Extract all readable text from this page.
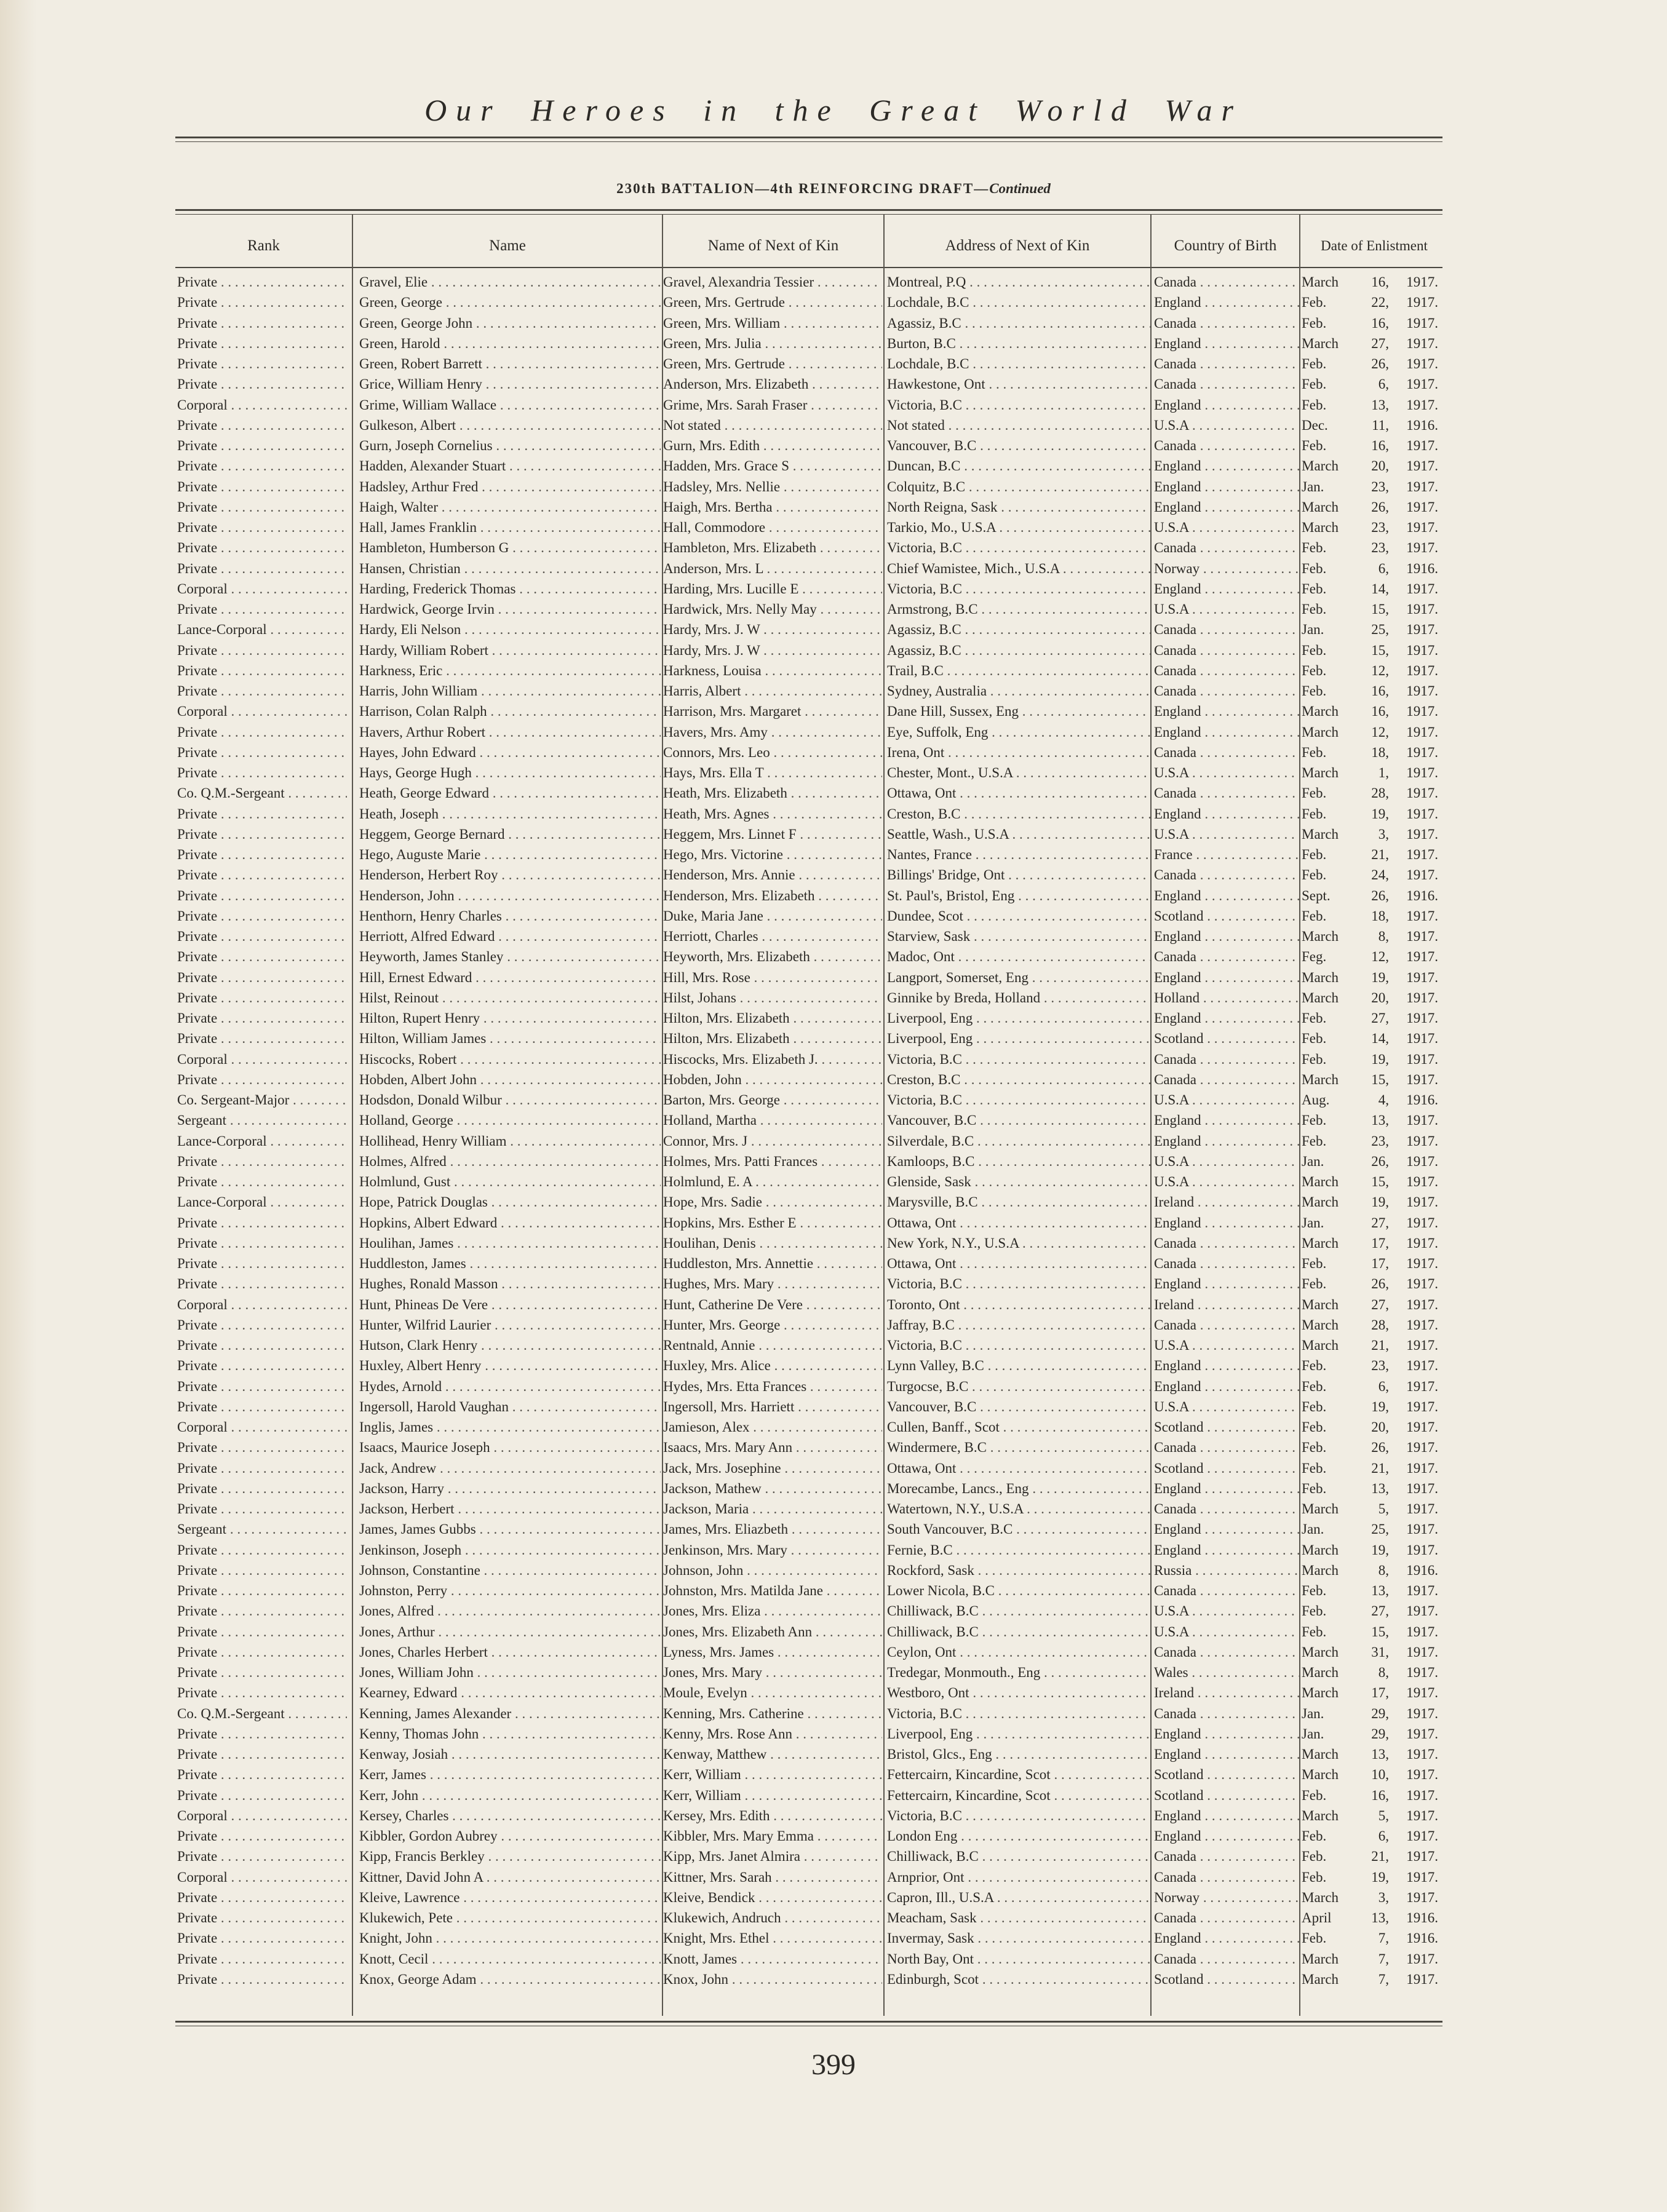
Our Heroes in the Great World War
230th BATTALION—4th REINFORCING DRAFT—Continued
Rank	Name	Name of Next of Kin	Address of Next of Kin	Country of Birth	Date of Enlistment
Private . . .	Gravel, Elie . . .	Gravel, Alexandria Tessier . . .	Montreal, P.Q . . .	Canada . . .	March 16, 1917.
Private . . .	Green, George . . .	Green, Mrs. Gertrude . . .	Lochdale, B.C . . .	England . . .	Feb.	22, 1917.
Private . . .	Green, George John . . .	Green, Mrs. William . . .	Agassiz, B.C . . .	Canada . . .	Feb.	16, 1917.
Private . . .	Green, Harold . . .	Green, Mrs. Julia . . .	Burton, B.C . . .	England . . .	March 27, 1917.
Private . . .	Green, Robert Barrett . . .	Green, Mrs. Gertrude . . .	Lochdale, B.C . . .	Canada . . .	Feb.	26, 1917.
Private . . .	Grice, William Henry . . .	Anderson, Mrs. Elizabeth . . .	Hawkestone, Ont . . .	Canada . . .	Feb.	6, 1917.
Corporal . . .	Grime, William Wallace . . .	Grime, Mrs. Sarah Fraser . . .	Victoria, B.C . . .	England . . .	Feb.	13, 1917.
Private . . .	Gulkeson, Albert . . .	Not stated . . .	Not stated . . .	U.S.A . . .	Dec.	11, 1916.
Private . . .	Gurn, Joseph Cornelius . . .	Gurn, Mrs. Edith . . .	Vancouver, B.C . . .	Canada . . .	Feb.	16, 1917.
Private . . .	Hadden, Alexander Stuart . . .	Hadden, Mrs. Grace S . . .	Duncan, B.C . . .	England . . .	March 20, 1917.
Private . . .	Hadsley, Arthur Fred . . .	Hadsley, Mrs. Nellie . . .	Colquitz, B.C . . .	England . . .	Jan.	23, 1917.
Private . . .	Haigh, Walter . . .	Haigh, Mrs. Bertha . . .	North Reigna, Sask . . .	England . . .	March 26, 1917.
Private . . .	Hall, James Franklin . . .	Hall, Commodore . . .	Tarkio, Mo., U.S.A . . .	U.S.A . . .	March 23, 1917.
Private . . .	Hambleton, Humberson G . . .	Hambleton, Mrs. Elizabeth . . .	Victoria, B.C . . .	Canada . . .	Feb.	23, 1917.
Private . . .	Hansen, Christian . . .	Anderson, Mrs. L . . .	Chief Wamistee, Mich., U.S.A . . .	Norway . . .	Feb.	6, 1916.
Corporal . . .	Harding, Frederick Thomas . . .	Harding, Mrs. Lucille E . . .	Victoria, B.C . . .	England . . .	Feb.	14, 1917.
Private . . .	Hardwick, George Irvin . . .	Hardwick, Mrs. Nelly May . . .	Armstrong, B.C . . .	U.S.A . . .	Feb.	15, 1917.
Lance-Corporal . . .	Hardy, Eli Nelson . . .	Hardy, Mrs. J. W . . .	Agassiz, B.C . . .	Canada . . .	Jan.	25, 1917.
Private . . .	Hardy, William Robert . . .	Hardy, Mrs. J. W . . .	Agassiz, B.C . . .	Canada . . .	Feb.	15, 1917.
Private . . .	Harkness, Eric . . .	Harkness, Louisa . . .	Trail, B.C . . .	Canada . . .	Feb.	12, 1917.
Private . . .	Harris, John William . . .	Harris, Albert . . .	Sydney, Australia . . .	Canada . . .	Feb.	16, 1917.
Corporal . . .	Harrison, Colan Ralph . . .	Harrison, Mrs. Margaret . . .	Dane Hill, Sussex, Eng . . .	England . . .	March 16, 1917.
Private . . .	Havers, Arthur Robert . . .	Havers, Mrs. Amy . . .	Eye, Suffolk, Eng . . .	England . . .	March 12, 1917.
Private . . .	Hayes, John Edward . . .	Connors, Mrs. Leo . . .	Irena, Ont . . .	Canada . . .	Feb.	18, 1917.
Private . . .	Hays, George Hugh . . .	Hays, Mrs. Ella T . . .	Chester, Mont., U.S.A . . .	U.S.A . . .	March	1, 1917.
Co. Q.M.-Sergeant . . .	Heath, George Edward . . .	Heath, Mrs. Elizabeth . . .	Ottawa, Ont . . .	Canada . . .	Feb.	28, 1917.
Private . . .	Heath, Joseph . . .	Heath, Mrs. Agnes . . .	Creston, B.C . . .	England . . .	Feb.	19, 1917.
Private . . .	Heggem, George Bernard . . .	Heggem, Mrs. Linnet F . . .	Seattle, Wash., U.S.A . . .	U.S.A . . .	March	3, 1917.
Private . . .	Hego, Auguste Marie . . .	Hego, Mrs. Victorine . . .	Nantes, France . . .	France . . .	Feb.	21, 1917.
Private . . .	Henderson, Herbert Roy . . .	Henderson, Mrs. Annie . . .	Billings' Bridge, Ont . . .	Canada . . .	Feb.	24, 1917.
Private . . .	Henderson, John . . .	Henderson, Mrs. Elizabeth . . .	St. Paul's, Bristol, Eng . . .	England . . .	Sept.	26, 1916.
Private . . .	Henthorn, Henry Charles . . .	Duke, Maria Jane . . .	Dundee, Scot . . .	Scotland . . .	Feb.	18, 1917.
Private . . .	Herriott, Alfred Edward . . .	Herriott, Charles . . .	Starview, Sask . . .	England . . .	March	8, 1917.
Private . . .	Heyworth, James Stanley . . .	Heyworth, Mrs. Elizabeth . . .	Madoc, Ont . . .	Canada . . .	Feg.	12, 1917.
Private . . .	Hill, Ernest Edward . . .	Hill, Mrs. Rose . . .	Langport, Somerset, Eng . . .	England . . .	March 19, 1917.
Private . . .	Hilst, Reinout . . .	Hilst, Johans . . .	Ginnike by Breda, Holland . . .	Holland . . .	March 20, 1917.
Private . . .	Hilton, Rupert Henry . . .	Hilton, Mrs. Elizabeth . . .	Liverpool, Eng . . .	England . . .	Feb.	27, 1917.
Private . . .	Hilton, William James . . .	Hilton, Mrs. Elizabeth . . .	Liverpool, Eng . . .	Scotland . . .	Feb.	14, 1917.
Corporal . . .	Hiscocks, Robert . . .	Hiscocks, Mrs. Elizabeth J. . . .	Victoria, B.C . . .	Canada . . .	Feb.	19, 1917.
Private . . .	Hobden, Albert John . . .	Hobden, John . . .	Creston, B.C . . .	Canada . . .	March 15, 1917.
Co. Sergeant-Major . . .	Hodsdon, Donald Wilbur . . .	Barton, Mrs. George . . .	Victoria, B.C . . .	U.S.A . . .	Aug.	4, 1916.
Sergeant . . .	Holland, George . . .	Holland, Martha . . .	Vancouver, B.C . . .	England . . .	Feb.	13, 1917.
Lance-Corporal . . .	Hollihead, Henry William . . .	Connor, Mrs. J . . .	Silverdale, B.C . . .	England . . .	Feb.	23, 1917.
Private . . .	Holmes, Alfred . . .	Holmes, Mrs. Patti Frances . . .	Kamloops, B.C . . .	U.S.A . . .	Jan.	26, 1917.
Private . . .	Holmlund, Gust . . .	Holmlund, E. A . . .	Glenside, Sask . . .	U.S.A . . .	March 15, 1917.
Lance-Corporal . . .	Hope, Patrick Douglas . . .	Hope, Mrs. Sadie . . .	Marysville, B.C . . .	Ireland . . .	March 19, 1917.
Private . . .	Hopkins, Albert Edward . . .	Hopkins, Mrs. Esther E . . .	Ottawa, Ont . . .	England . . .	Jan.	27, 1917.
Private . . .	Houlihan, James . . .	Houlihan, Denis . . .	New York, N.Y., U.S.A . . .	Canada . . .	March 17, 1917.
Private . . .	Huddleston, James . . .	Huddleston, Mrs. Annettie . . .	Ottawa, Ont . . .	Canada . . .	Feb.	17, 1917.
Private . . .	Hughes, Ronald Masson . . .	Hughes, Mrs. Mary . . .	Victoria, B.C . . .	England . . .	Feb.	26, 1917.
Corporal . . .	Hunt, Phineas De Vere . . .	Hunt, Catherine De Vere . . .	Toronto, Ont . . .	Ireland . . .	March 27, 1917.
Private . . .	Hunter, Wilfrid Laurier . . .	Hunter, Mrs. George . . .	Jaffray, B.C . . .	Canada . . .	March 28, 1917.
Private . . .	Hutson, Clark Henry . . .	Rentnald, Annie . . .	Victoria, B.C . . .	U.S.A . . .	March 21, 1917.
Private . . .	Huxley, Albert Henry . . .	Huxley, Mrs. Alice . . .	Lynn Valley, B.C . . .	England . . .	Feb.	23, 1917.
Private . . .	Hydes, Arnold . . .	Hydes, Mrs. Etta Frances . . .	Turgocse, B.C . . .	England . . .	Feb.	6, 1917.
Private . . .	Ingersoll, Harold Vaughan . . .	Ingersoll, Mrs. Harriett . . .	Vancouver, B.C . . .	U.S.A . . .	Feb.	19, 1917.
Corporal . . .	Inglis, James . . .	Jamieson, Alex . . .	Cullen, Banff., Scot . . .	Scotland . . .	Feb.	20, 1917.
Private . . .	Isaacs, Maurice Joseph . . .	Isaacs, Mrs. Mary Ann . . .	Windermere, B.C . . .	Canada . . .	Feb.	26, 1917.
Private . . .	Jack, Andrew . . .	Jack, Mrs. Josephine . . .	Ottawa, Ont . . .	Scotland . . .	Feb.	21, 1917.
Private . . .	Jackson, Harry . . .	Jackson, Mathew . . .	Morecambe, Lancs., Eng . . .	England . . .	Feb.	13, 1917.
Private . . .	Jackson, Herbert . . .	Jackson, Maria . . .	Watertown, N.Y., U.S.A . . .	Canada . . .	March	5, 1917.
Sergeant . . .	James, James Gubbs . . .	James, Mrs. Eliazbeth . . .	South Vancouver, B.C . . .	England . . .	Jan.	25, 1917.
Private . . .	Jenkinson, Joseph . . .	Jenkinson, Mrs. Mary . . .	Fernie, B.C . . .	England . . .	March 19, 1917.
Private . . .	Johnson, Constantine . . .	Johnson, John . . .	Rockford, Sask . . .	Russia . . .	March	8, 1916.
Private . . .	Johnston, Perry . . .	Johnston, Mrs. Matilda Jane . . .	Lower Nicola, B.C . . .	Canada . . .	Feb.	13, 1917.
Private . . .	Jones, Alfred . . .	Jones, Mrs. Eliza . . .	Chilliwack, B.C . . .	U.S.A . . .	Feb.	27, 1917.
Private . . .	Jones, Arthur . . .	Jones, Mrs. Elizabeth Ann . . .	Chilliwack, B.C . . .	U.S.A . . .	Feb.	15, 1917.
Private . . .	Jones, Charles Herbert . . .	Lyness, Mrs. James . . .	Ceylon, Ont . . .	Canada . . .	March 31, 1917.
Private . . .	Jones, William John . . .	Jones, Mrs. Mary . . .	Tredegar, Monmouth., Eng . . .	Wales . . .	March	8, 1917.
Private . . .	Kearney, Edward . . .	Moule, Evelyn . . .	Westboro, Ont . . .	Ireland . . .	March 17, 1917.
Co. Q.M.-Sergeant . . .	Kenning, James Alexander . . .	Kenning, Mrs. Catherine . . .	Victoria, B.C . . .	Canada . . .	Jan.	29, 1917.
Private . . .	Kenny, Thomas John . . .	Kenny, Mrs. Rose Ann . . .	Liverpool, Eng . . .	England . . .	Jan.	29, 1917.
Private . . .	Kenway, Josiah . . .	Kenway, Matthew . . .	Bristol, Glcs., Eng . . .	England . . .	March 13, 1917.
Private . . .	Kerr, James . . .	Kerr, William . . .	Fettercairn, Kincardine, Scot . . .	Scotland . . .	March 10, 1917.
Private . . .	Kerr, John . . .	Kerr, William . . .	Fettercairn, Kincardine, Scot . . .	Scotland . . .	Feb.	16, 1917.
Corporal . . .	Kersey, Charles . . .	Kersey, Mrs. Edith . . .	Victoria, B.C . . .	England . . .	March	5, 1917.
Private . . .	Kibbler, Gordon Aubrey . . .	Kibbler, Mrs. Mary Emma . . .	London Eng . . .	England . . .	Feb.	6, 1917.
Private . . .	Kipp, Francis Berkley . . .	Kipp, Mrs. Janet Almira . . .	Chilliwack, B.C . . .	Canada . . .	Feb.	21, 1917.
Corporal . . .	Kittner, David John A . . .	Kittner, Mrs. Sarah . . .	Arnprior, Ont . . .	Canada . . .	Feb.	19, 1917.
Private . . .	Kleive, Lawrence . . .	Kleive, Bendick . . .	Capron, Ill., U.S.A . . .	Norway . . .	March	3, 1917.
Private . . .	Klukewich, Pete . . .	Klukewich, Andruch . . .	Meacham, Sask . . .	Canada . . .	April	13, 1916.
Private . . .	Knight, John . . .	Knight, Mrs. Ethel . . .	Invermay, Sask . . .	England . . .	Feb.	7, 1916.
Private . . .	Knott, Cecil . . .	Knott, James . . .	North Bay, Ont . . .	Canada . . .	March	7, 1917.
Private . . .	Knox, George Adam . . .	Knox, John . . .	Edinburgh, Scot . . .	Scotland . . .	March	7, 1917.
399
